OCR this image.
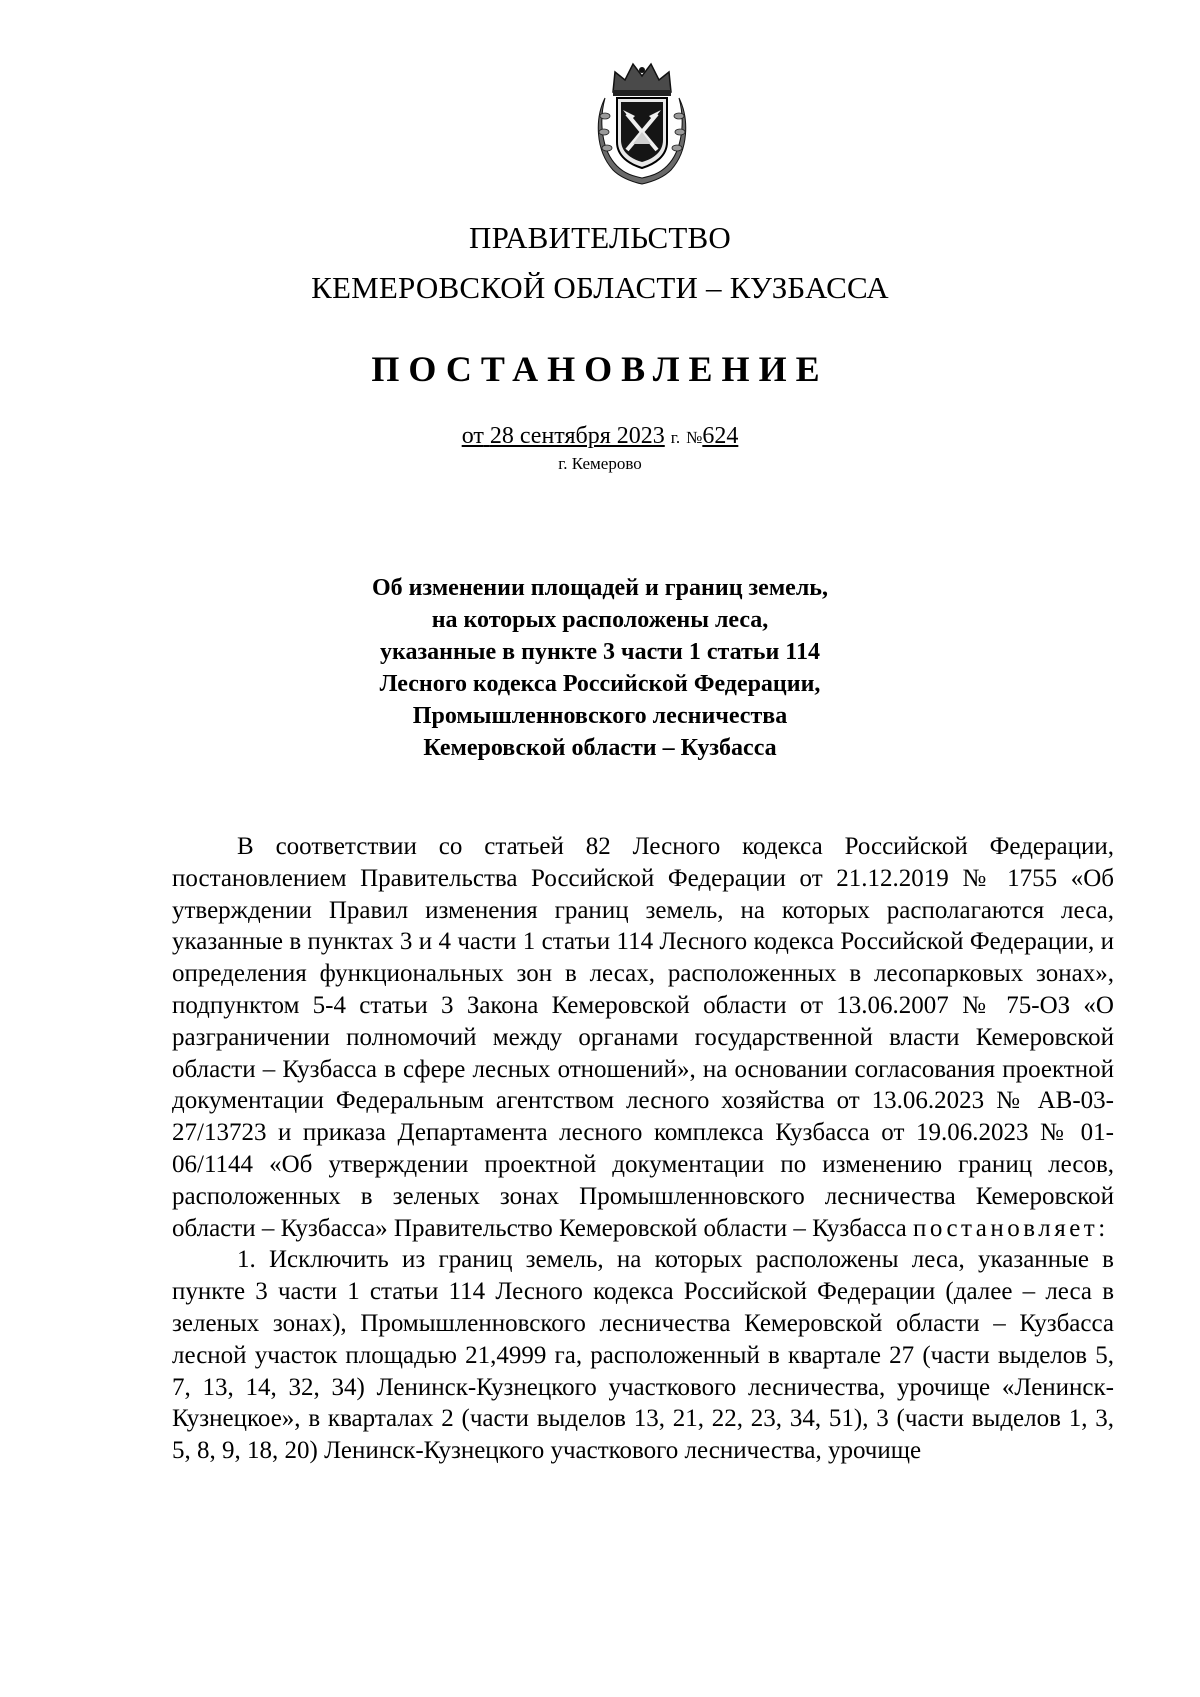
ПРАВИТЕЛЬСТВО
КЕМЕРОВСКОЙ ОБЛАСТИ – КУЗБАССА
ПОСТАНОВЛЕНИЕ
от 28 сентября 2023 г. №624
г. Кемерово
Об изменении площадей и границ земель,
на которых расположены леса,
указанные в пункте 3 части 1 статьи 114
Лесного кодекса Российской Федерации,
Промышленновского лесничества
Кемеровской области – Кузбасса

В соответствии со статьей 82 Лесного кодекса Российской Федерации, постановлением Правительства Российской Федерации от 21.12.2019 № 1755 «Об утверждении Правил изменения границ земель, на которых располагаются леса, указанные в пунктах 3 и 4 части 1 статьи 114 Лесного кодекса Российской Федерации, и определения функциональных зон в лесах, расположенных в лесопарковых зонах», подпунктом 5-4 статьи 3 Закона Кемеровской области от 13.06.2007 № 75-ОЗ «О разграничении полномочий между органами государственной власти Кемеровской области – Кузбасса в сфере лесных отношений», на основании согласования проектной документации Федеральным агентством лесного хозяйства от 13.06.2023 № АВ-03-27/13723 и приказа Департамента лесного комплекса Кузбасса от 19.06.2023 № 01-06/1144 «Об утверждении проектной документации по изменению границ лесов, расположенных в зеленых зонах Промышленновского лесничества Кемеровской области – Кузбасса» Правительство Кемеровской области – Кузбасса постановляет:

1. Исключить из границ земель, на которых расположены леса, указанные в пункте 3 части 1 статьи 114 Лесного кодекса Российской Федерации (далее – леса в зеленых зонах), Промышленновского лесничества Кемеровской области – Кузбасса лесной участок площадью 21,4999 га, расположенный в квартале 27 (части выделов 5, 7, 13, 14, 32, 34) Ленинск-Кузнецкого участкового лесничества, урочище «Ленинск-Кузнецкое», в кварталах 2 (части выделов 13, 21, 22, 23, 34, 51), 3 (части выделов 1, 3, 5, 8, 9, 18, 20) Ленинск-Кузнецкого участкового лесничества, урочище
